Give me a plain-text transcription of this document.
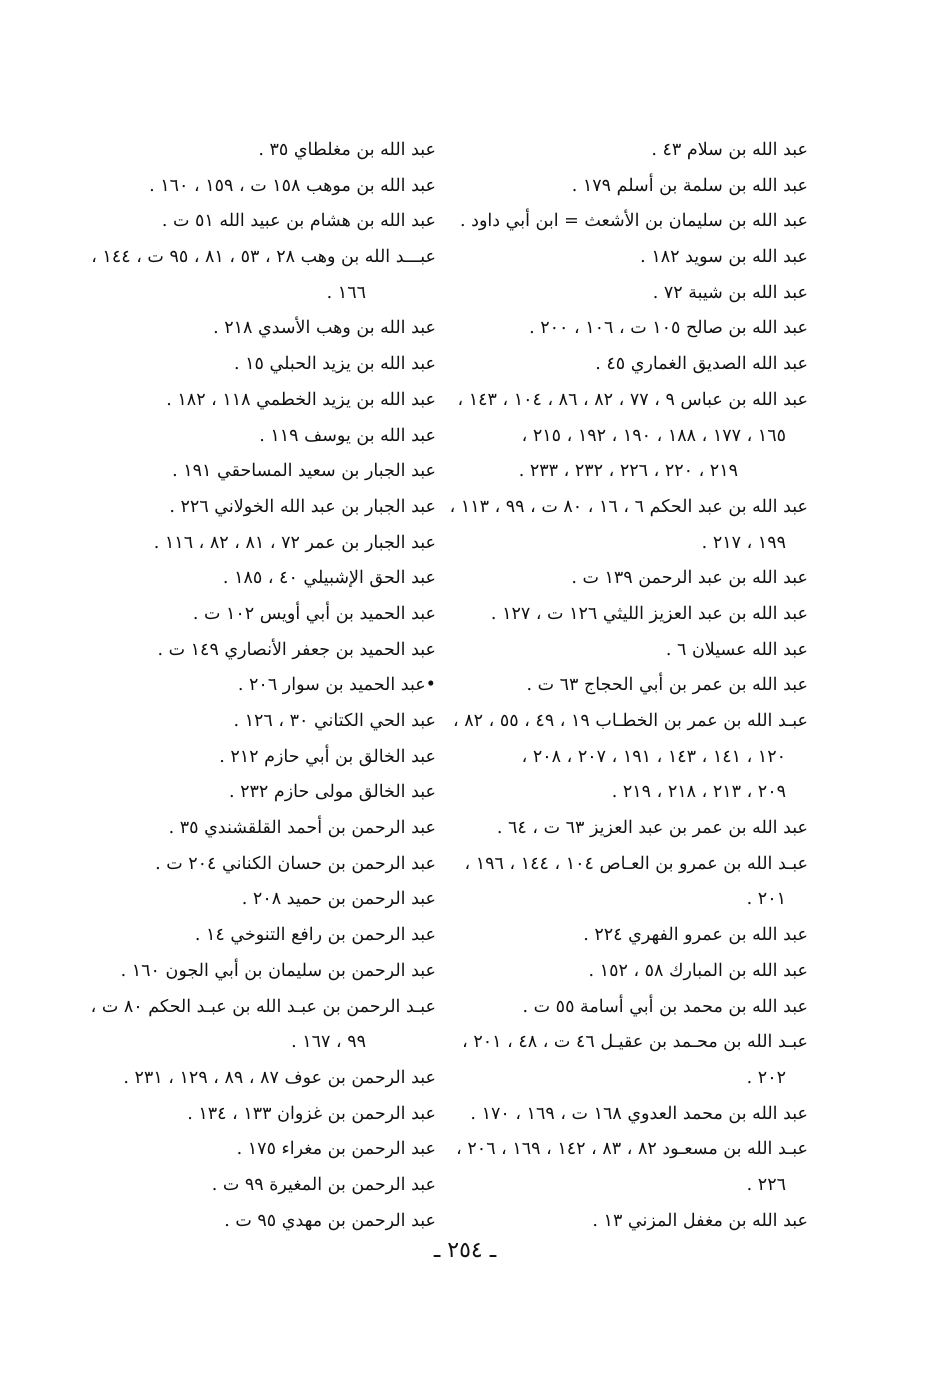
عبد الله بن سلام ٤٣ .
عبد الله بن سلمة بن أسلم ١٧٩ .
عبد الله بن سليمان بن الأشعث = ابن أبي داود .
عبد الله بن سويد ١٨٢ .
عبد الله بن شيبة ٧٢ .
عبد الله بن صالح ١٠٥ ت ، ١٠٦ ، ٢٠٠ .
عبد الله الصديق الغماري ٤٥ .
عبد الله بن عباس ٩ ، ٧٧ ، ٨٢ ، ٨٦ ، ١٠٤ ، ١٤٣ ،
١٦٥ ، ١٧٧ ، ١٨٨ ، ١٩٠ ، ١٩٢ ، ٢١٥ ،
٢١٩ ، ٢٢٠ ، ٢٢٦ ، ٢٣٢ ، ٢٣٣ .
عبد الله بن عبد الحكم ٦ ، ١٦ ، ٨٠ ت ، ٩٩ ، ١١٣ ،
١٩٩ ، ٢١٧ .
عبد الله بن عبد الرحمن ١٣٩ ت .
عبد الله بن عبد العزيز الليثي ١٢٦ ت ، ١٢٧ .
عبد الله عسيلان ٦ .
عبد الله بن عمر بن أبي الحجاج ٦٣ ت .
عبـد الله بن عمر بن الخطـاب ١٩ ، ٤٩ ، ٥٥ ، ٨٢ ،
١٢٠ ، ١٤١ ، ١٤٣ ، ١٩١ ، ٢٠٧ ، ٢٠٨ ،
٢٠٩ ، ٢١٣ ، ٢١٨ ، ٢١٩ .
عبد الله بن عمر بن عبد العزيز ٦٣ ت ، ٦٤ .
عبـد الله بن عمرو بن العـاص ١٠٤ ، ١٤٤ ، ١٩٦ ،
٢٠١ .
عبد الله بن عمرو الفهري ٢٢٤ .
عبد الله بن المبارك ٥٨ ، ١٥٢ .
عبد الله بن محمد بن أبي أسامة ٥٥ ت .
عبـد الله بن محـمد بن عقيـل ٤٦ ت ، ٤٨ ، ٢٠١ ،
٢٠٢ .
عبد الله بن محمد العدوي ١٦٨ ت ، ١٦٩ ، ١٧٠ .
عبـد الله بن مسعـود ٨٢ ، ٨٣ ، ١٤٢ ، ١٦٩ ، ٢٠٦ ،
٢٢٦ .
عبد الله بن مغفل المزني ١٣ .
عبد الله بن مغلطاي ٣٥ .
عبد الله بن موهب ١٥٨ ت ، ١٥٩ ، ١٦٠ .
عبد الله بن هشام بن عبيد الله ٥١ ت .
عبـــد الله بن وهب ٢٨ ، ٥٣ ، ٨١ ، ٩٥ ت ، ١٤٤ ،
١٦٦ .
عبد الله بن وهب الأسدي ٢١٨ .
عبد الله بن يزيد الحبلي ١٥ .
عبد الله بن يزيد الخطمي ١١٨ ، ١٨٢ .
عبد الله بن يوسف ١١٩ .
عبد الجبار بن سعيد المساحقي ١٩١ .
عبد الجبار بن عبد الله الخولاني ٢٢٦ .
عبد الجبار بن عمر ٧٢ ، ٨١ ، ٨٢ ، ١١٦ .
عبد الحق الإشبيلي ٤٠ ، ١٨٥ .
عبد الحميد بن أبي أويس ١٠٢ ت .
عبد الحميد بن جعفر الأنصاري ١٤٩ ت .
•عبد الحميد بن سوار ٢٠٦ .
عبد الحي الكتاني ٣٠ ، ١٢٦ .
عبد الخالق بن أبي حازم ٢١٢ .
عبد الخالق مولى حازم ٢٣٢ .
عبد الرحمن بن أحمد القلقشندي ٣٥ .
عبد الرحمن بن حسان الكناني ٢٠٤ ت .
عبد الرحمن بن حميد ٢٠٨ .
عبد الرحمن بن رافع التنوخي ١٤ .
عبد الرحمن بن سليمان بن أبي الجون ١٦٠ .
عبـد الرحمن بن عبـد الله بن عبـد الحكم ٨٠ ت ،
٩٩ ، ١٦٧ .
عبد الرحمن بن عوف ٨٧ ، ٨٩ ، ١٢٩ ، ٢٣١ .
عبد الرحمن بن غزوان ١٣٣ ، ١٣٤ .
عبد الرحمن بن مغراء ١٧٥ .
عبد الرحمن بن المغيرة ٩٩ ت .
عبد الرحمن بن مهدي ٩٥ ت .
ـ ٢٥٤ ـ
